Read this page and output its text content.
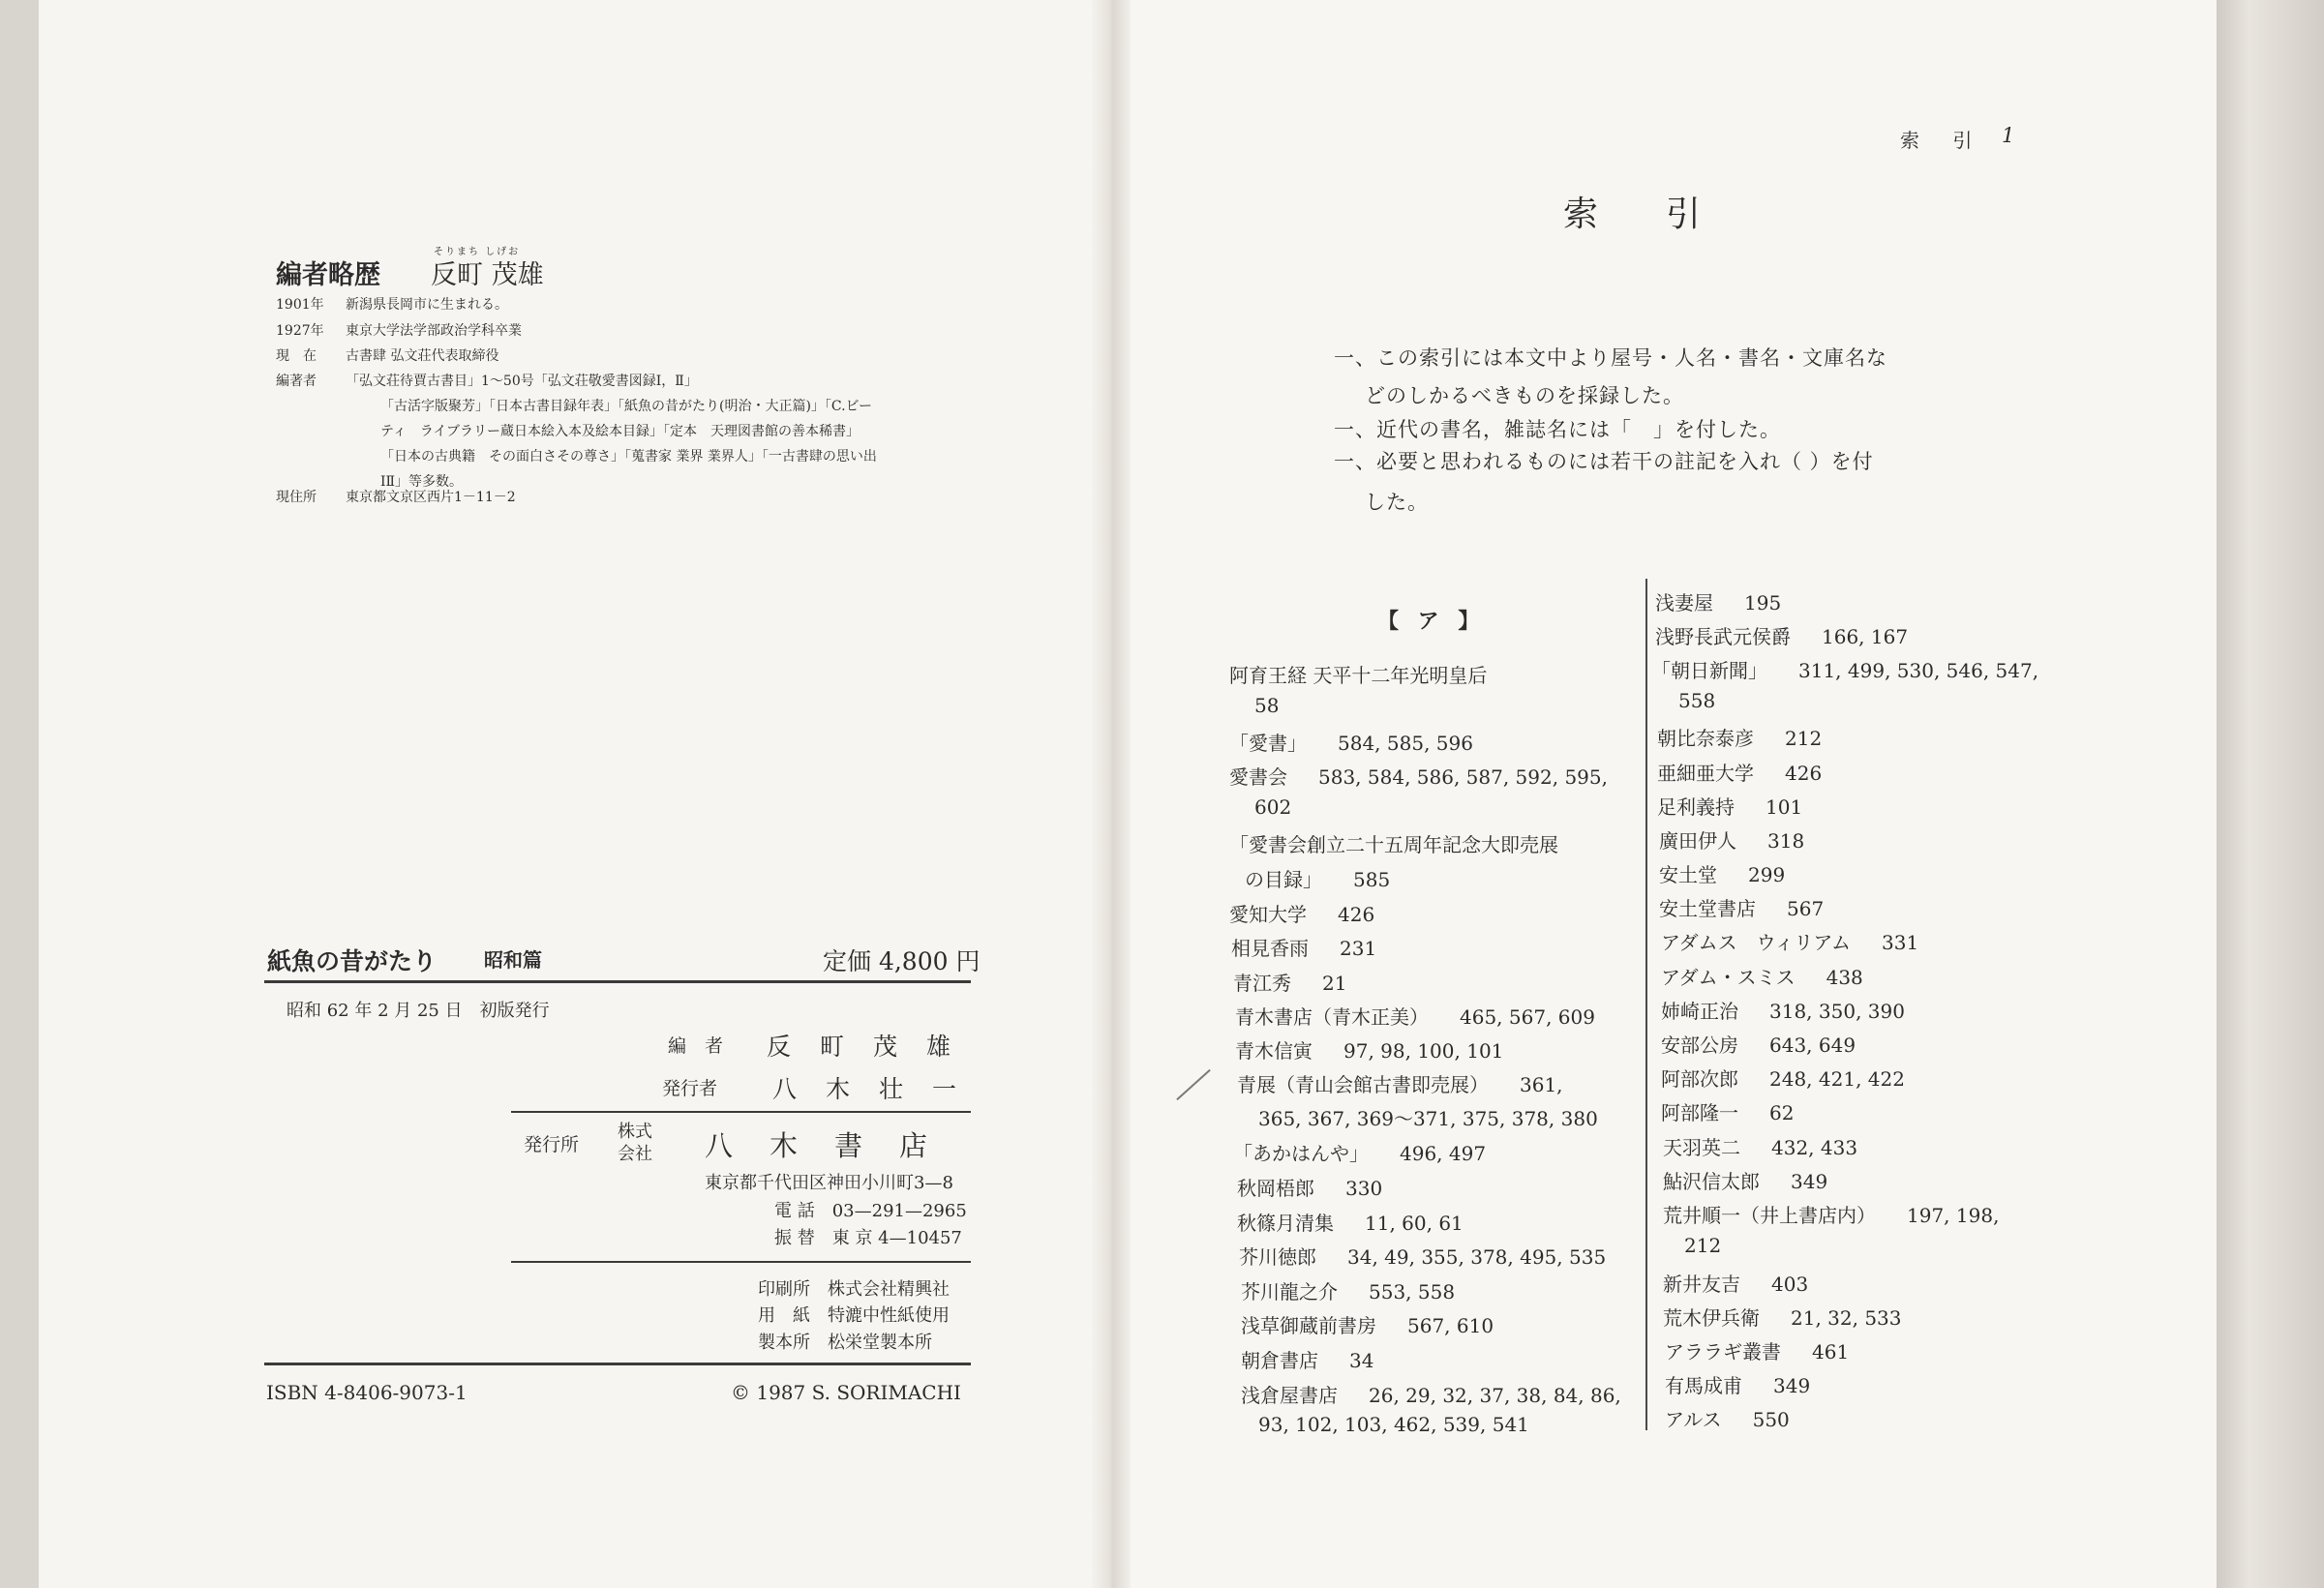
そりまち しげお
編者略歴 反町 茂雄
1901年 新潟県長岡市に生まれる。
1927年 東京大学法学部政治学科卒業
現　在 古書肆 弘文荘代表取締役
編著者 「弘文荘待賈古書目」1〜50号「弘文荘敬愛書図録Ⅰ，Ⅱ」
「古活字版聚芳」「日本古書目録年表」「紙魚の昔がたり(明治・大正篇)」「C.ビー
ティ　ライブラリー蔵日本絵入本及絵本目録」「定本　天理図書館の善本稀書」
「日本の古典籍　その面白さその尊さ」「蒐書家 業界 業界人」「一古書肆の思い出
ⅠⅡ」等多数。
現住所 東京都文京区西片1－11－2
紙魚の昔がたり 昭和篇	定価 4,800 円
昭和 62 年 2 月 25 日　初版発行
編　者 反町茂雄
発行者 八木壮一
発行所
株式
会社 八木書店
東京都千代田区神田小川町3—8
電 話　03—291—2965
振 替　東 京 4—10457
印刷所　株式会社精興社
用　紙　特漉中性紙使用
製本所　松栄堂製本所
ISBN 4-8406-9073-1	© 1987 S. SORIMACHI
索 引 1
索引
一、この索引には本文中より屋号・人名・書名・文庫名な
どのしかるべきものを採録した。
一、近代の書名，雑誌名には「　」を付した。
一、必要と思われるものには若干の註記を入れ（ ）を付
した。
【 ア 】
阿育王経 天平十二年光明皇后
58
「愛書」 584, 585, 596
愛書会 583, 584, 586, 587, 592, 595,
602
「愛書会創立二十五周年記念大即売展
の目録」 585
愛知大学 426
相見香雨 231
青江秀 21
青木書店（青木正美） 465, 567, 609
青木信寅 97, 98, 100, 101
青展（青山会館古書即売展） 361,
365, 367, 369〜371, 375, 378, 380
「あかはんや」 496, 497
秋岡梧郎 330
秋篠月清集 11, 60, 61
芥川徳郎 34, 49, 355, 378, 495, 535
芥川龍之介 553, 558
浅草御蔵前書房 567, 610
朝倉書店 34
浅倉屋書店 26, 29, 32, 37, 38, 84, 86,
93, 102, 103, 462, 539, 541
浅妻屋 195
浅野長武元侯爵 166, 167
「朝日新聞」 311, 499, 530, 546, 547,
558
朝比奈泰彦 212
亜細亜大学 426
足利義持 101
廣田伊人 318
安土堂 299
安土堂書店 567
アダムス　ウィリアム 331
アダム・スミス 438
姉崎正治 318, 350, 390
安部公房 643, 649
阿部次郎 248, 421, 422
阿部隆一 62
天羽英二 432, 433
鮎沢信太郎 349
荒井順一（井上書店内） 197, 198,
212
新井友吉 403
荒木伊兵衛 21, 32, 533
アララギ叢書 461
有馬成甫 349
アルス 550
